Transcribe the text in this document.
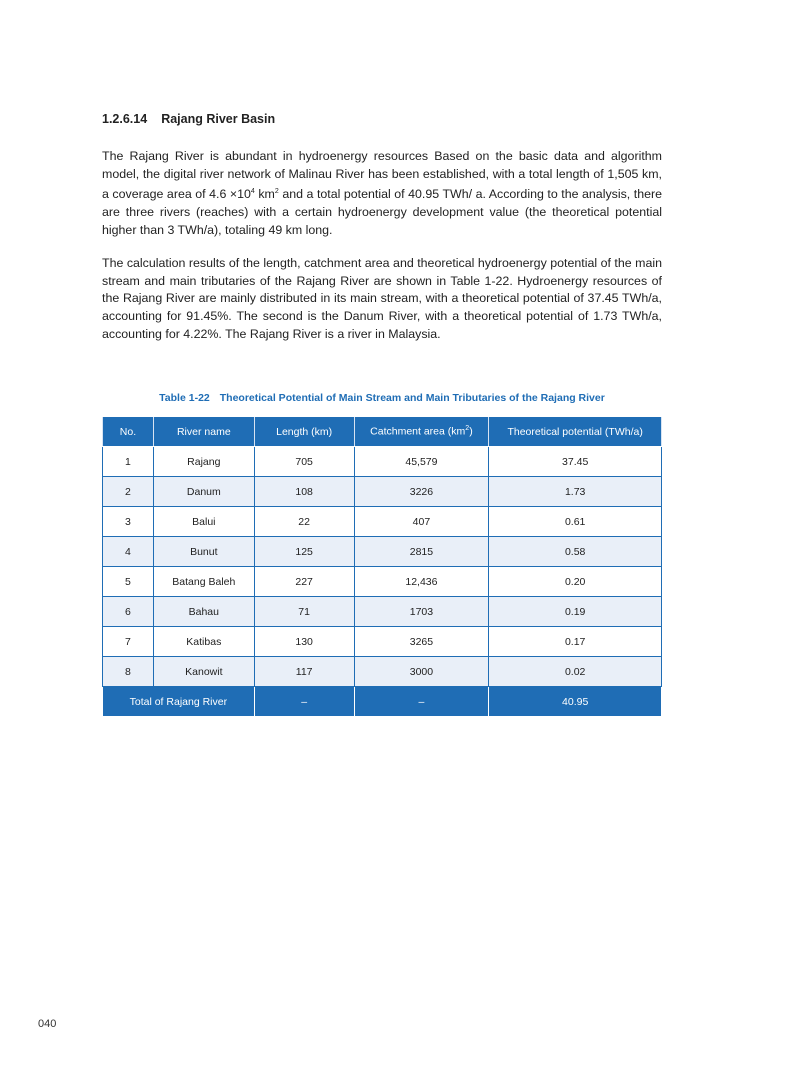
1.2.6.14 Rajang River Basin
The Rajang River is abundant in hydroenergy resources Based on the basic data and algorithm model, the digital river network of Malinau River has been established, with a total length of 1,505 km, a coverage area of $4.6 \times 10^4$ $km^2$ and a total potential of 40.95 TWh/ a. According to the analysis, there are three rivers (reaches) with a certain hydroenergy development value (the theoretical potential higher than 3 TWh/a), totaling 49 km long.
The calculation results of the length, catchment area and theoretical hydroenergy potential of the main stream and main tributaries of the Rajang River are shown in Table 1-22. Hydroenergy resources of the Rajang River are mainly distributed in its main stream, with a theoretical potential of 37.45 TWh/a, accounting for 91.45%. The second is the Danum River, with a theoretical potential of 1.73 TWh/a, accounting for 4.22%. The Rajang River is a river in Malaysia.
Table 1-22 Theoretical Potential of Main Stream and Main Tributaries of the Rajang River
No.	River name	Length (km)	Catchment area $(km^2)$	Theoretical potential (TWh/a)
1	Rajang	705	45,579	37.45
2	Danum	108	3226	1.73
3	Balui	22	407	0.61
4	Bunut	125	2815	0.58
5	Batang Baleh	227	12,436	0.20
6	Bahau	71	1703	0.19
7	Katibas	130	3265	0.17
8	Kanowit	117	3000	0.02
Total of Rajang River		–	–	40.95
040
